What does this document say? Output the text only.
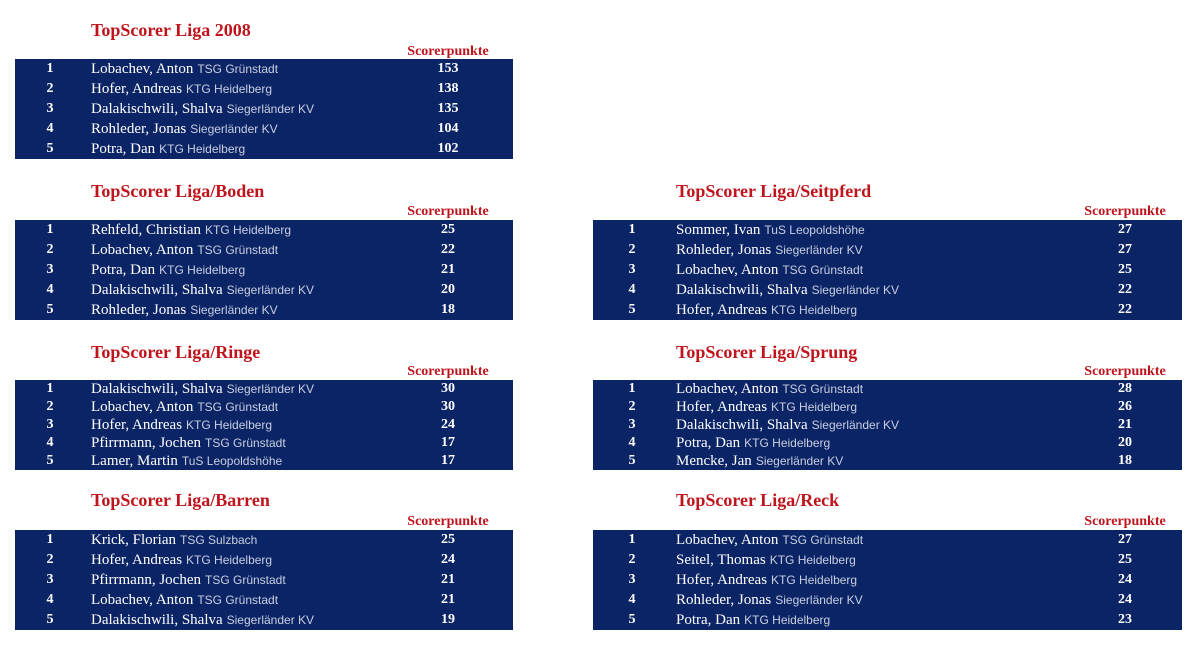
TopScorer Liga 2008
Scorerpunkte
1	Lobachev, Anton TSG Grünstadt	153
2	Hofer, Andreas KTG Heidelberg	138
3	Dalakischwili, Shalva Siegerländer KV	135
4	Rohleder, Jonas Siegerländer KV	104
5	Potra, Dan KTG Heidelberg	102
TopScorer Liga/Boden
Scorerpunkte
1	Rehfeld, Christian KTG Heidelberg	25
2	Lobachev, Anton TSG Grünstadt	22
3	Potra, Dan KTG Heidelberg	21
4	Dalakischwili, Shalva Siegerländer KV	20
5	Rohleder, Jonas Siegerländer KV	18
TopScorer Liga/Seitpferd
Scorerpunkte
1	Sommer, Ivan TuS Leopoldshöhe	27
2	Rohleder, Jonas Siegerländer KV	27
3	Lobachev, Anton TSG Grünstadt	25
4	Dalakischwili, Shalva Siegerländer KV	22
5	Hofer, Andreas KTG Heidelberg	22
TopScorer Liga/Ringe
Scorerpunkte
1	Dalakischwili, Shalva Siegerländer KV	30
2	Lobachev, Anton TSG Grünstadt	30
3	Hofer, Andreas KTG Heidelberg	24
4	Pfirrmann, Jochen TSG Grünstadt	17
5	Lamer, Martin TuS Leopoldshöhe	17
TopScorer Liga/Sprung
Scorerpunkte
1	Lobachev, Anton TSG Grünstadt	28
2	Hofer, Andreas KTG Heidelberg	26
3	Dalakischwili, Shalva Siegerländer KV	21
4	Potra, Dan KTG Heidelberg	20
5	Mencke, Jan Siegerländer KV	18
TopScorer Liga/Barren
Scorerpunkte
1	Krick, Florian TSG Sulzbach	25
2	Hofer, Andreas KTG Heidelberg	24
3	Pfirrmann, Jochen TSG Grünstadt	21
4	Lobachev, Anton TSG Grünstadt	21
5	Dalakischwili, Shalva Siegerländer KV	19
TopScorer Liga/Reck
Scorerpunkte
1	Lobachev, Anton TSG Grünstadt	27
2	Seitel, Thomas KTG Heidelberg	25
3	Hofer, Andreas KTG Heidelberg	24
4	Rohleder, Jonas Siegerländer KV	24
5	Potra, Dan KTG Heidelberg	23
